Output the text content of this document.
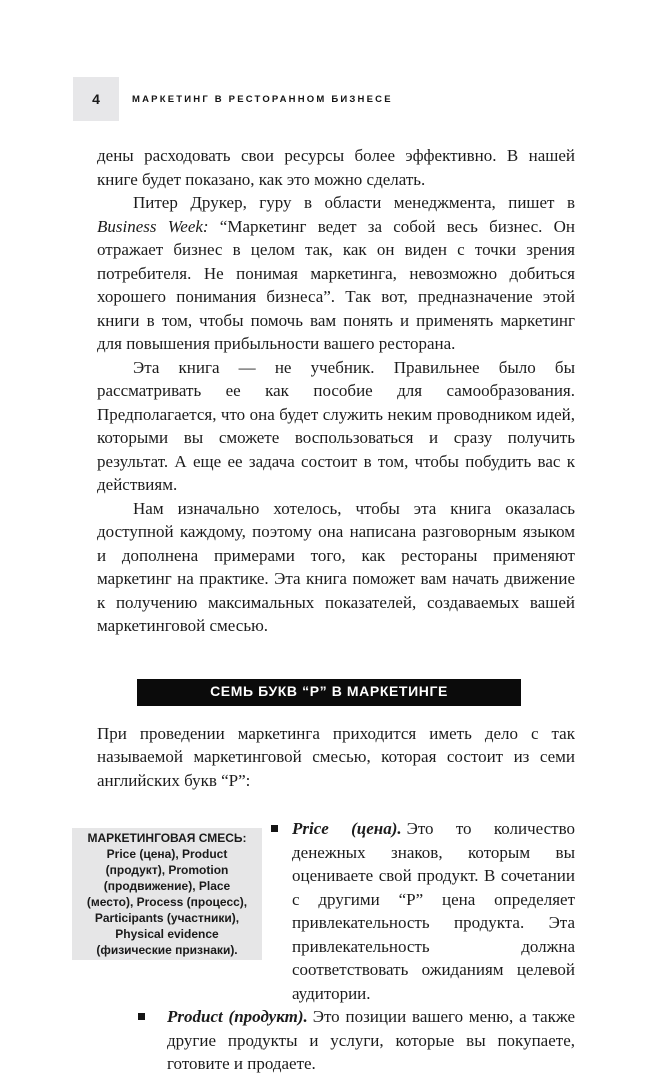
4	МАРКЕТИНГ В РЕСТОРАННОМ БИЗНЕСЕ

дены расходовать свои ресурсы более эффективно. В нашей книге будет показано, как это можно сделать.

Питер Друкер, гуру в области менеджмента, пишет в Business Week: “Маркетинг ведет за собой весь бизнес. Он отражает бизнес в целом так, как он виден с точки зрения потребителя. Не понимая маркетинга, невозможно добиться хорошего понимания бизнеса”. Так вот, предназначение этой книги в том, чтобы помочь вам понять и применять маркетинг для повышения прибыльности вашего ресторана.

Эта книга — не учебник. Правильнее было бы рассматривать ее как пособие для самообразования. Предполагается, что она будет служить неким проводником идей, которыми вы сможете воспользоваться и сразу получить результат. А еще ее задача состоит в том, чтобы побудить вас к действиям.

Нам изначально хотелось, чтобы эта книга оказалась доступной каждому, поэтому она написана разговорным языком и дополнена примерами того, как рестораны применяют маркетинг на практике. Эта книга поможет вам начать движение к получению максимальных показателей, создаваемых вашей маркетинговой смесью.

СЕМЬ БУКВ “Р” В МАРКЕТИНГЕ

При проведении маркетинга приходится иметь дело с так называемой маркетинговой смесью, которая состоит из семи английских букв “Р”:

МАРКЕТИНГОВАЯ СМЕСЬ: Price (цена), Product (продукт), Promotion (продвижение), Place (место), Process (процесс), Participants (участники), Physical evidence (физические признаки).
Price (цена). Это то количество денежных знаков, которым вы оцениваете свой продукт. В сочетании с другими “Р” цена определяет привлекательность продукта. Эта привлекательность должна соответствовать ожиданиям целевой аудитории.
Product (продукт). Это позиции вашего меню, а также другие продукты и услуги, которые вы покупаете, готовите и продаете.
